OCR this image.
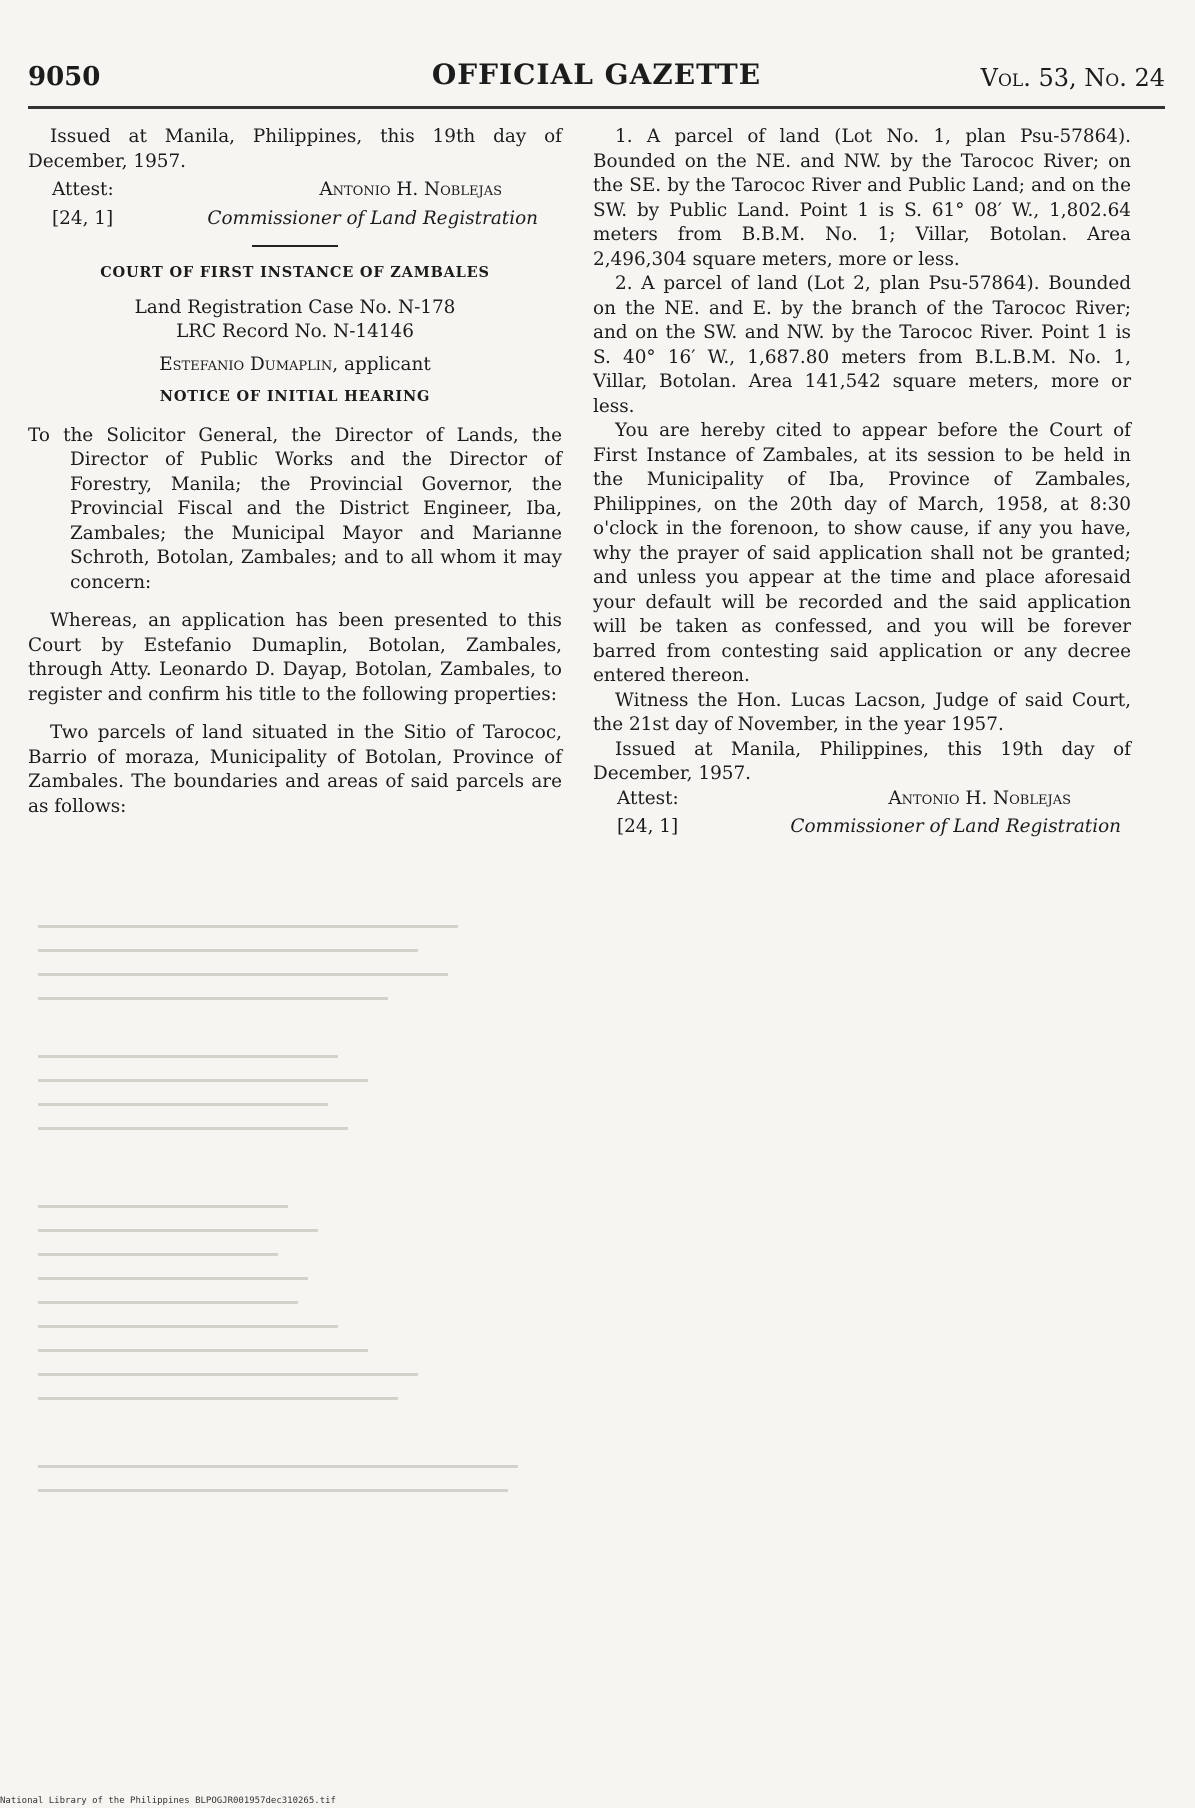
9050	OFFICIAL GAZETTE	Vol. 53, No. 24

Issued at Manila, Philippines, this 19th day of December, 1957.

Attest:	Antonio H. Noblejas
[24, 1]	Commissioner of Land Registration
COURT OF FIRST INSTANCE OF ZAMBALES
Land Registration Case No. N-178
LRC Record No. N-14146
Estefanio Dumaplin, applicant
NOTICE OF INITIAL HEARING

To the Solicitor General, the Director of Lands, the Director of Public Works and the Director of Forestry, Manila; the Provincial Governor, the Provincial Fiscal and the District Engineer, Iba, Zambales; the Municipal Mayor and Marianne Schroth, Botolan, Zambales; and to all whom it may concern:

Whereas, an application has been presented to this Court by Estefanio Dumaplin, Botolan, Zambales, through Atty. Leonardo D. Dayap, Botolan, Zambales, to register and confirm his title to the following properties:

Two parcels of land situated in the Sitio of Tarococ, Barrio of moraza, Municipality of Botolan, Province of Zambales. The boundaries and areas of said parcels are as follows:

1. A parcel of land (Lot No. 1, plan Psu-57864). Bounded on the NE. and NW. by the Tarococ River; on the SE. by the Tarococ River and Public Land; and on the SW. by Public Land. Point 1 is S. 61° 08′ W., 1,802.64 meters from B.B.M. No. 1; Villar, Botolan. Area 2,496,304 square meters, more or less.

2. A parcel of land (Lot 2, plan Psu-57864). Bounded on the NE. and E. by the branch of the Tarococ River; and on the SW. and NW. by the Tarococ River. Point 1 is S. 40° 16′ W., 1,687.80 meters from B.L.B.M. No. 1, Villar, Botolan. Area 141,542 square meters, more or less.

You are hereby cited to appear before the Court of First Instance of Zambales, at its session to be held in the Municipality of Iba, Province of Zambales, Philippines, on the 20th day of March, 1958, at 8:30 o'clock in the forenoon, to show cause, if any you have, why the prayer of said application shall not be granted; and unless you appear at the time and place aforesaid your default will be recorded and the said application will be taken as confessed, and you will be forever barred from contesting said application or any decree entered thereon.

Witness the Hon. Lucas Lacson, Judge of said Court, the 21st day of November, in the year 1957.

Issued at Manila, Philippines, this 19th day of December, 1957.

Attest:	Antonio H. Noblejas
[24, 1]	Commissioner of Land Registration
National Library of the Philippines BLPOGJR001957dec310265.tif
